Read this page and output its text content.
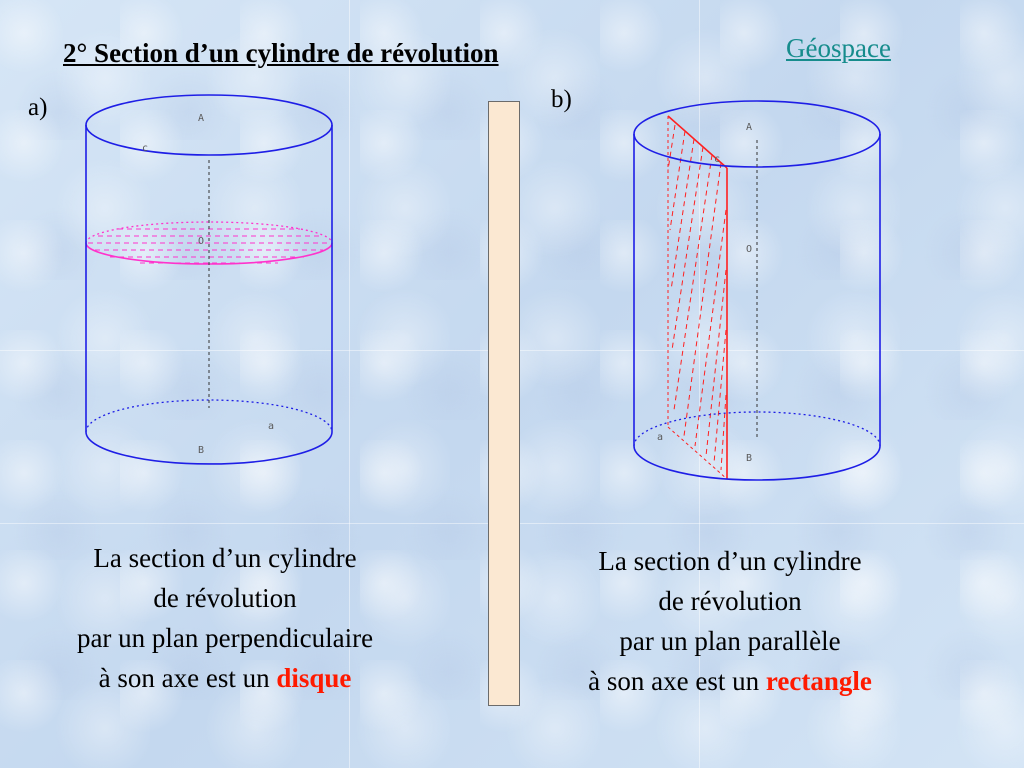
2° Section d’un cylindre de révolution	Géospace
a)	b)
A
c
O
a
B
A
c
O
a
B
La section d’un cylindre
de révolution
par un plan perpendiculaire
à son axe est un disque
La section d’un cylindre
de révolution
par un plan parallèle
à son axe est un rectangle
